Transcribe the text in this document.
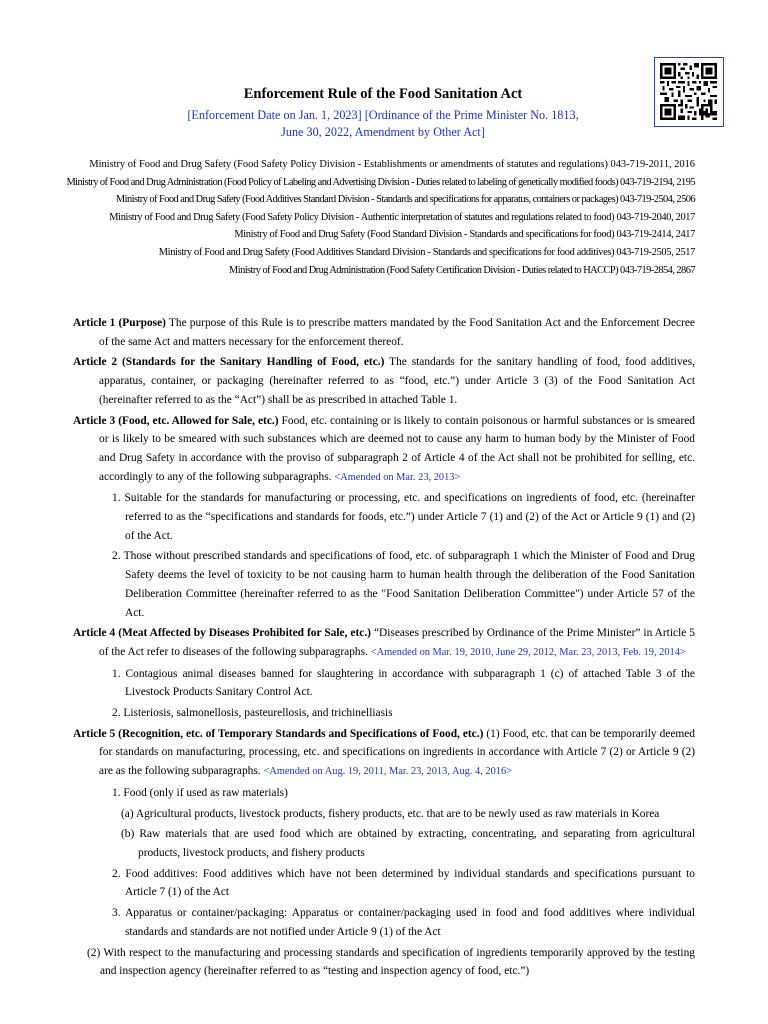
Enforcement Rule of the Food Sanitation Act
[Enforcement Date on Jan. 1, 2023] [Ordinance of the Prime Minister No. 1813,
June 30, 2022, Amendment by Other Act]
Ministry of Food and Drug Safety (Food Safety Policy Division - Establishments or amendments of statutes and regulations) 043-719-2011, 2016
Ministry of Food and Drug Administration (Food Policy of Labeling and Advertising Division - Duties related to labeling of genetically modified foods) 043-719-2194, 2195
Ministry of Food and Drug Safety (Food Additives Standard Division - Standards and specifications for apparatus, containers or packages) 043-719-2504, 2506
Ministry of Food and Drug Safety (Food Safety Policy Division - Authentic interpretation of statutes and regulations related to food) 043-719-2040, 2017
Ministry of Food and Drug Safety (Food Standard Division - Standards and specifications for food) 043-719-2414, 2417
Ministry of Food and Drug Safety (Food Additives Standard Division - Standards and specifications for food additives) 043-719-2505, 2517
Ministry of Food and Drug Administration (Food Safety Certification Division - Duties related to HACCP) 043-719-2854, 2867

Article 1 (Purpose) The purpose of this Rule is to prescribe matters mandated by the Food Sanitation Act and the Enforcement Decree of the same Act and matters necessary for the enforcement thereof.

Article 2 (Standards for the Sanitary Handling of Food, etc.) The standards for the sanitary handling of food, food additives, apparatus, container, or packaging (hereinafter referred to as “food, etc.”) under Article 3 (3) of the Food Sanitation Act (hereinafter referred to as the “Act”) shall be as prescribed in attached Table 1.

Article 3 (Food, etc. Allowed for Sale, etc.) Food, etc. containing or is likely to contain poisonous or harmful substances or is smeared or is likely to be smeared with such substances which are deemed not to cause any harm to human body by the Minister of Food and Drug Safety in accordance with the proviso of subparagraph 2 of Article 4 of the Act shall not be prohibited for selling, etc. accordingly to any of the following subparagraphs. <Amended on Mar. 23, 2013>

1. Suitable for the standards for manufacturing or processing, etc. and specifications on ingredients of food, etc. (hereinafter referred to as the “specifications and standards for foods, etc.”) under Article 7 (1) and (2) of the Act or Article 9 (1) and (2) of the Act.

2. Those without prescribed standards and specifications of food, etc. of subparagraph 1 which the Minister of Food and Drug Safety deems the level of toxicity to be not causing harm to human health through the deliberation of the Food Sanitation Deliberation Committee (hereinafter referred to as the "Food Sanitation Deliberation Committee") under Article 57 of the Act.

Article 4 (Meat Affected by Diseases Prohibited for Sale, etc.) “Diseases prescribed by Ordinance of the Prime Minister” in Article 5 of the Act refer to diseases of the following subparagraphs. <Amended on Mar. 19, 2010, June 29, 2012, Mar. 23, 2013, Feb. 19, 2014>

1. Contagious animal diseases banned for slaughtering in accordance with subparagraph 1 (c) of attached Table 3 of the Livestock Products Sanitary Control Act.

2. Listeriosis, salmonellosis, pasteurellosis, and trichinelliasis

Article 5 (Recognition, etc. of Temporary Standards and Specifications of Food, etc.) (1) Food, etc. that can be temporarily deemed for standards on manufacturing, processing, etc. and specifications on ingredients in accordance with Article 7 (2) or Article 9 (2) are as the following subparagraphs. <Amended on Aug. 19, 2011, Mar. 23, 2013, Aug. 4, 2016>

1. Food (only if used as raw materials)

(a) Agricultural products, livestock products, fishery products, etc. that are to be newly used as raw materials in Korea

(b) Raw materials that are used food which are obtained by extracting, concentrating, and separating from agricultural products, livestock products, and fishery products

2. Food additives: Food additives which have not been determined by individual standards and specifications pursuant to Article 7 (1) of the Act

3. Apparatus or container/packaging: Apparatus or container/packaging used in food and food additives where individual standards and standards are not notified under Article 9 (1) of the Act

(2) With respect to the manufacturing and processing standards and specification of ingredients temporarily approved by the testing and inspection agency (hereinafter referred to as “testing and inspection agency of food, etc.”)
